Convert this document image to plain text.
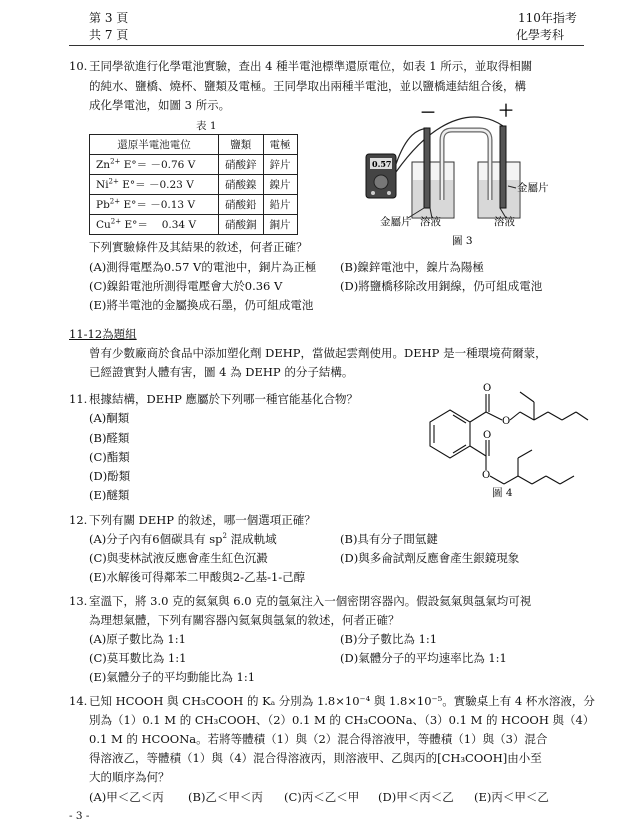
第 3 頁
共 7 頁
110年指考
化學考科
10. 王同學欲進行化學電池實驗，查出 4 種半電池標準還原電位，如表 1 所示，並取得相關
的純水、鹽橋、燒杯、鹽類及電極。王同學取出兩種半電池，並以鹽橋連結組合後，構
成化學電池，如圖 3 所示。
表 1
還原半電池電位	鹽類	電極
$Zn^{2+}$ E°＝ －0.76 V	硝酸鋅	鋅片
$Ni^{2+}$ E°＝ －0.23 V	硝酸鎳	鎳片
$Pb^{2+}$ E°＝ －0.13 V	硝酸鉛	鉛片
$Cu^{2+}$ E°＝ 　0.34 V	硝酸銅	銅片
－	＋
0.57
金屬片
金屬片 溶液	溶液
圖 3
下列實驗條件及其結果的敘述，何者正確？
(A)測得電壓為0.57 V的電池中，銅片為正極 (B)鎳鋅電池中，鎳片為陽極
(C)鎳鉛電池所測得電壓會大於0.36 V	(D)將鹽橋移除改用銅線，仍可組成電池
(E)將半電池的金屬換成石墨，仍可組成電池
11-12為題組
曾有少數廠商於食品中添加塑化劑 DEHP，當做起雲劑使用。DEHP 是一種環境荷爾蒙，
已經證實對人體有害，圖 4 為 DEHP 的分子結構。
11. 根據結構，DEHP 應屬於下列哪一種官能基化合物？
(A)酮類
(B)醛類
(C)酯類
(D)酚類
(E)醚類
O
O
O
O
圖 4
12. 下列有關 DEHP 的敘述，哪一個選項正確？
(A)分子內有6個碳具有 $sp^2$ 混成軌域	(B)具有分子間氫鍵
(C)與斐林試液反應會產生紅色沉澱	(D)與多侖試劑反應會產生銀鏡現象
(E)水解後可得鄰苯二甲酸與2-乙基-1-己醇
13. 室溫下，將 3.0 克的氦氣與 6.0 克的氬氣注入一個密閉容器內。假設氦氣與氬氣均可視
為理想氣體，下列有關容器內氦氣與氬氣的敘述，何者正確？
(A)原子數比為 1:1	(B)分子數比為 1:1
(C)莫耳數比為 1:1	(D)氣體分子的平均速率比為 1:1
(E)氣體分子的平均動能比為 1:1
14. 已知 HCOOH 與 CH₃COOH 的 Kₐ 分別為 1.8×10⁻⁴ 與 1.8×10⁻⁵。實驗桌上有 4 杯水溶液，分
別為（1）0.1 M 的 CH₃COOH、（2）0.1 M 的 CH₃COONa、（3）0.1 M 的 HCOOH 與（4）
0.1 M 的 HCOONa。若將等體積（1）與（2）混合得溶液甲，等體積（1）與（3）混合
得溶液乙，等體積（1）與（4）混合得溶液丙，則溶液甲、乙與丙的[CH₃COOH]由小至
大的順序為何？
(A)甲＜乙＜丙 (B)乙＜甲＜丙 (C)丙＜乙＜甲 (D)甲＜丙＜乙 (E)丙＜甲＜乙
- 3 -
